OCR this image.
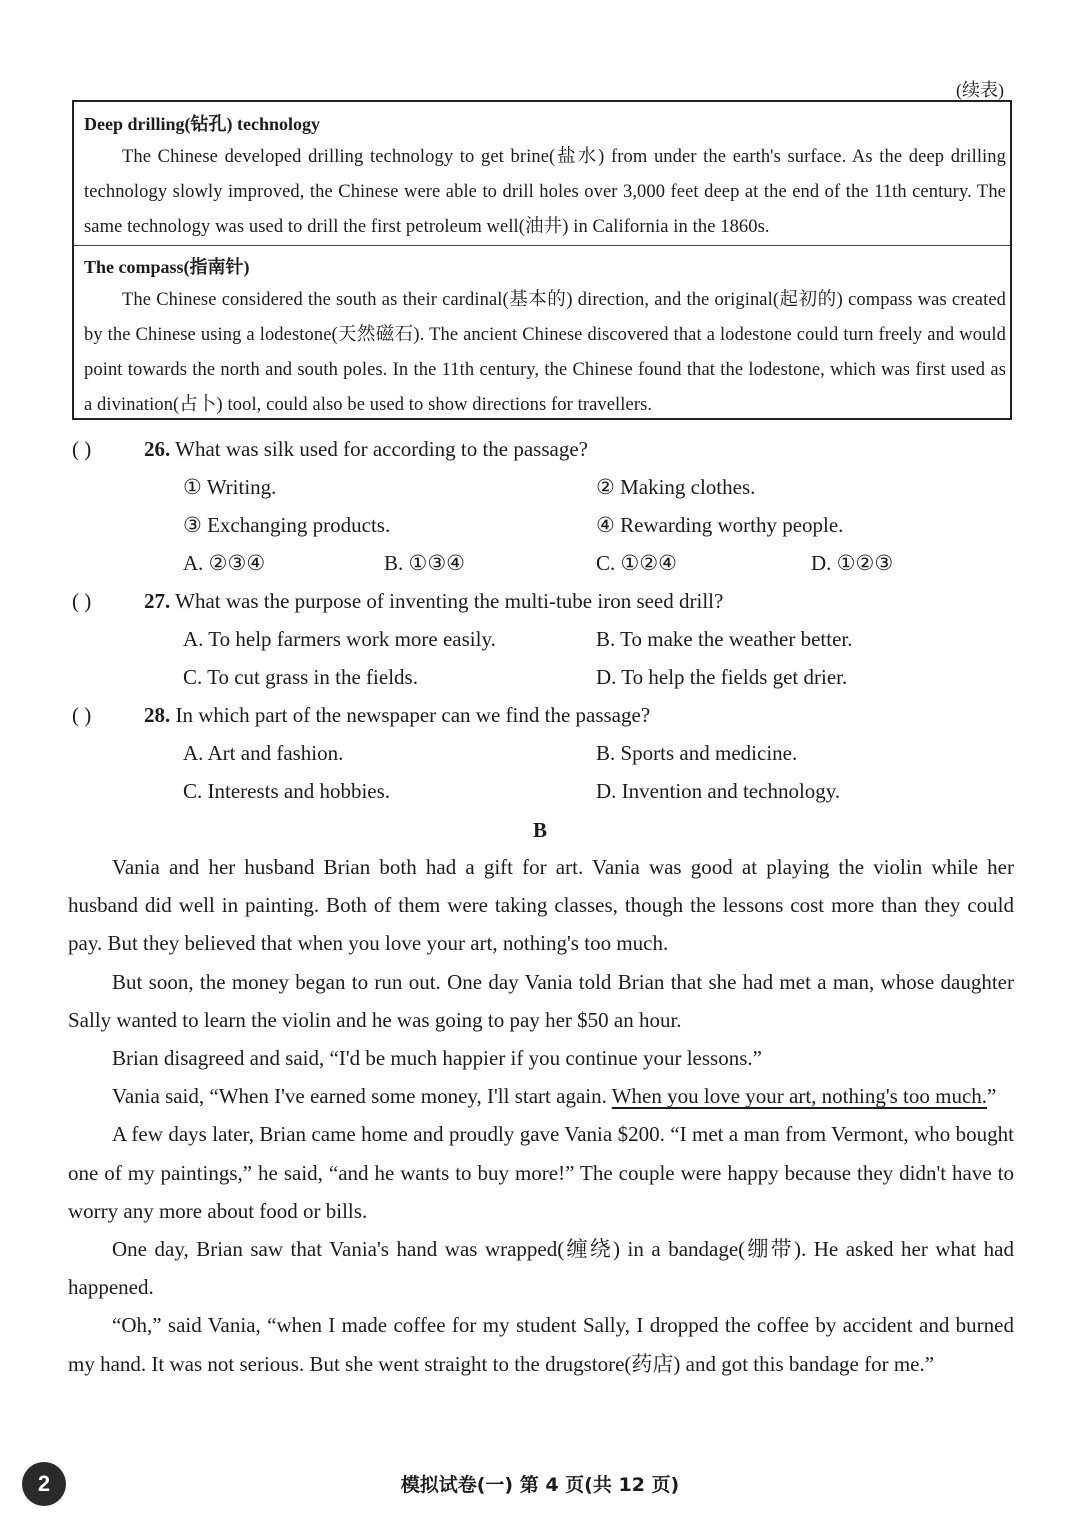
(续表)
Deep drilling(钻孔) technology
The Chinese developed drilling technology to get brine(盐水) from under the earth's surface. As the deep drilling technology slowly improved, the Chinese were able to drill holes over 3,000 feet deep at the end of the 11th century. The same technology was used to drill the first petroleum well(油井) in California in the 1860s.
The compass(指南针)
The Chinese considered the south as their cardinal(基本的) direction, and the original(起初的) compass was created by the Chinese using a lodestone(天然磁石). The ancient Chinese discovered that a lodestone could turn freely and would point towards the north and south poles. In the 11th century, the Chinese found that the lodestone, which was first used as a divination(占卜) tool, could also be used to show directions for travellers.
( )	26. What was silk used for according to the passage?
① Writing.	② Making clothes.
③ Exchanging products.	④ Rewarding worthy people.
A. ②③④	B. ①③④	C. ①②④	D. ①②③
( )	27. What was the purpose of inventing the multi-tube iron seed drill?
A. To help farmers work more easily.	B. To make the weather better.
C. To cut grass in the fields.	D. To help the fields get drier.
( )	28. In which part of the newspaper can we find the passage?
A. Art and fashion.	B. Sports and medicine.
C. Interests and hobbies.	D. Invention and technology.
B

Vania and her husband Brian both had a gift for art. Vania was good at playing the violin while her husband did well in painting. Both of them were taking classes, though the lessons cost more than they could pay. But they believed that when you love your art, nothing's too much.

But soon, the money began to run out. One day Vania told Brian that she had met a man, whose daughter Sally wanted to learn the violin and he was going to pay her $50 an hour.

Brian disagreed and said, “I'd be much happier if you continue your lessons.”

Vania said, “When I've earned some money, I'll start again. When you love your art, nothing's too much.”

A few days later, Brian came home and proudly gave Vania $200. “I met a man from Vermont, who bought one of my paintings,” he said, “and he wants to buy more!” The couple were happy because they didn't have to worry any more about food or bills.

One day, Brian saw that Vania's hand was wrapped(缠绕) in a bandage(绷带). He asked her what had happened.

“Oh,” said Vania, “when I made coffee for my student Sally, I dropped the coffee by accident and burned my hand. It was not serious. But she went straight to the drugstore(药店) and got this bandage for me.”

2	模拟试卷(一) 第 4 页(共 12 页)
